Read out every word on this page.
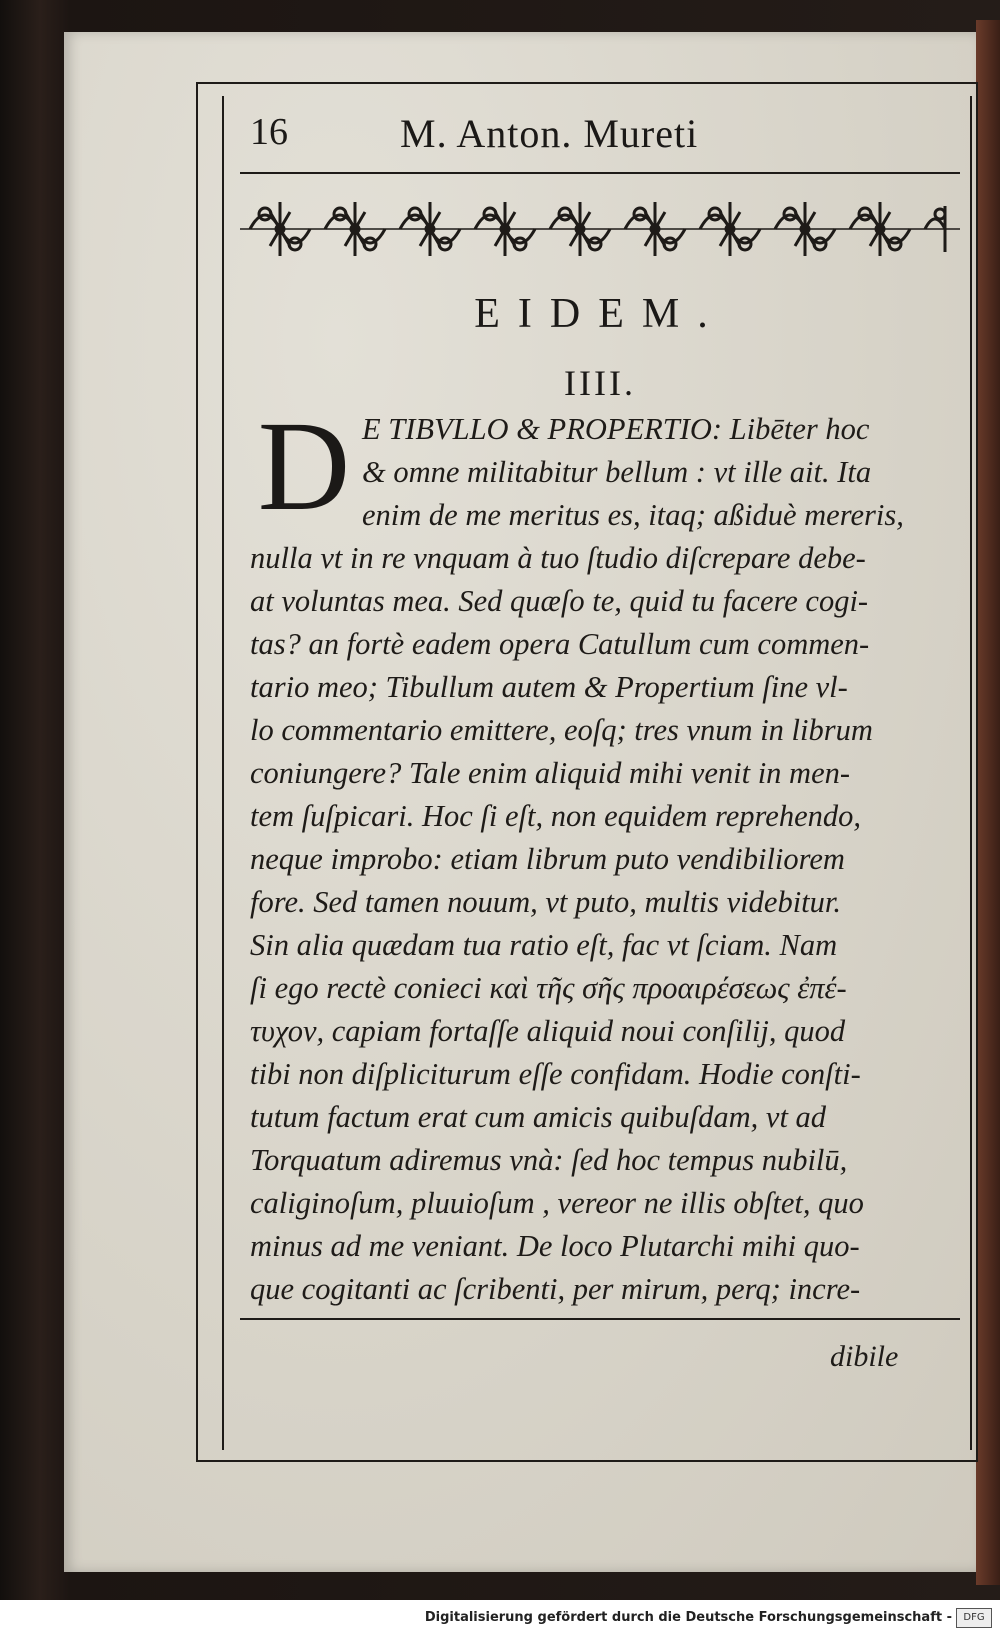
16	M. Anton. Mureti
EIDEM.
IIII.
D E TIBVLLO & PROPERTIO: Libēter hoc
& omne militabitur bellum : vt ille ait. Ita
enim de me meritus es, itaq; aßiduè mereris,
nulla vt in re vnquam à tuo ſtudio diſcrepare debe-
at voluntas mea. Sed quæſo te, quid tu facere cogi-
tas? an fortè eadem opera Catullum cum commen-
tario meo; Tibullum autem & Propertium ſine vl-
lo commentario emittere, eoſq; tres vnum in librum
coniungere? Tale enim aliquid mihi venit in men-
tem ſuſpicari. Hoc ſi eſt, non equidem reprehendo,
neque improbo: etiam librum puto vendibiliorem
fore. Sed tamen nouum, vt puto, multis videbitur.
Sin alia quædam tua ratio eſt, fac vt ſciam. Nam
ſi ego rectè conieci καὶ τῆς σῆς προαιρέσεως ἐπέ-
τυχον, capiam fortaſſe aliquid noui conſilij, quod
tibi non diſpliciturum eſſe confidam. Hodie conſti-
tutum factum erat cum amicis quibuſdam, vt ad
Torquatum adiremus vnà: ſed hoc tempus nubilū,
caliginoſum, pluuioſum , vereor ne illis obſtet, quo
minus ad me veniant. De loco Plutarchi mihi quo-
que cogitanti ac ſcribenti, per mirum, perq; incre-
dibile
Digitalisierung gefördert durch die Deutsche Forschungsgemeinschaft -	DFG
